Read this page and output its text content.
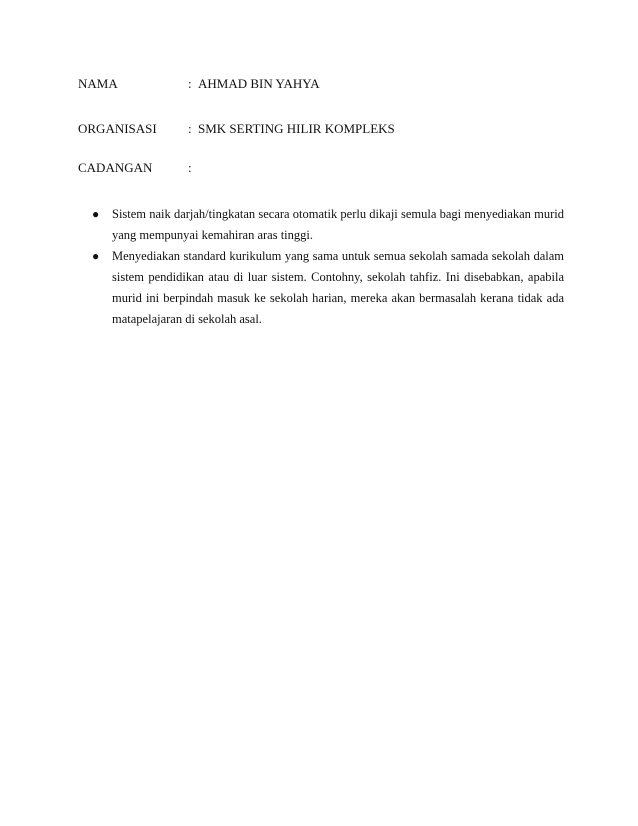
NAMA	: AHMAD BIN YAHYA
ORGANISASI : SMK SERTING HILIR KOMPLEKS
CADANGAN	:
● Sistem naik darjah/tingkatan secara otomatik perlu dikaji semula bagi menyediakan murid yang mempunyai kemahiran aras tinggi.
● Menyediakan standard kurikulum yang sama untuk semua sekolah samada sekolah dalam sistem pendidikan atau di luar sistem. Contohny, sekolah tahfiz. Ini disebabkan, apabila murid ini berpindah masuk ke sekolah harian, mereka akan bermasalah kerana tidak ada matapelajaran di sekolah asal.
